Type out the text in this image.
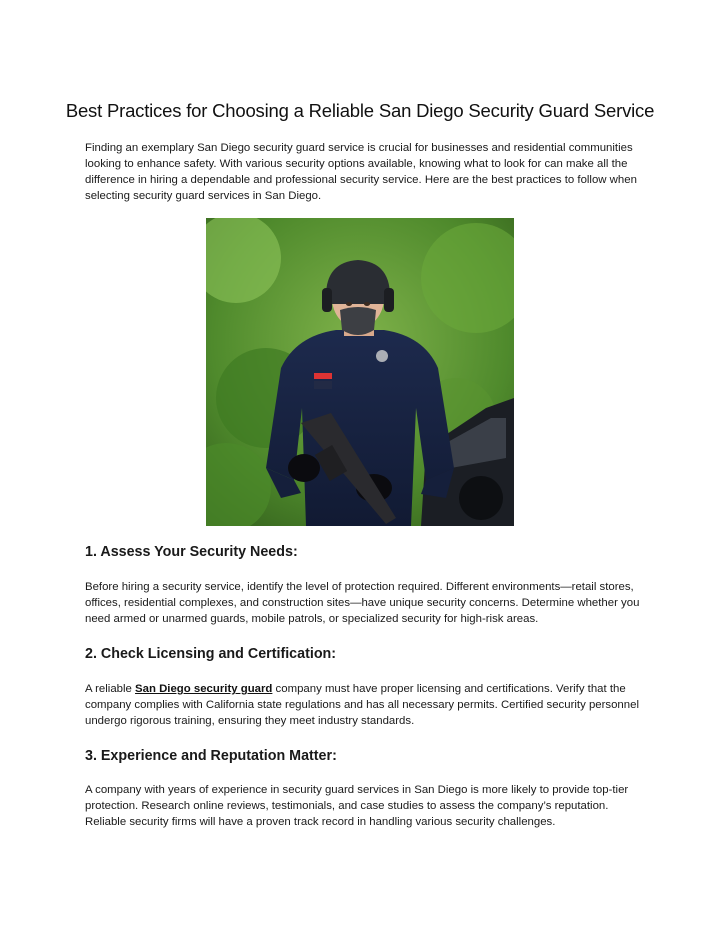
Best Practices for Choosing a Reliable San Diego Security Guard Service

Finding an exemplary San Diego security guard service is crucial for businesses and residential communities looking to enhance safety. With various security options available, knowing what to look for can make all the difference in hiring a dependable and professional security service. Here are the best practices to follow when selecting security guard services in San Diego.

1. Assess Your Security Needs:

Before hiring a security service, identify the level of protection required. Different environments—retail stores, offices, residential complexes, and construction sites—have unique security concerns. Determine whether you need armed or unarmed guards, mobile patrols, or specialized security for high-risk areas.

2. Check Licensing and Certification:

A reliable San Diego security guard company must have proper licensing and certifications. Verify that the company complies with California state regulations and has all necessary permits. Certified security personnel undergo rigorous training, ensuring they meet industry standards.

3. Experience and Reputation Matter:

A company with years of experience in security guard services in San Diego is more likely to provide top-tier protection. Research online reviews, testimonials, and case studies to assess the company’s reputation. Reliable security firms will have a proven track record in handling various security challenges.
